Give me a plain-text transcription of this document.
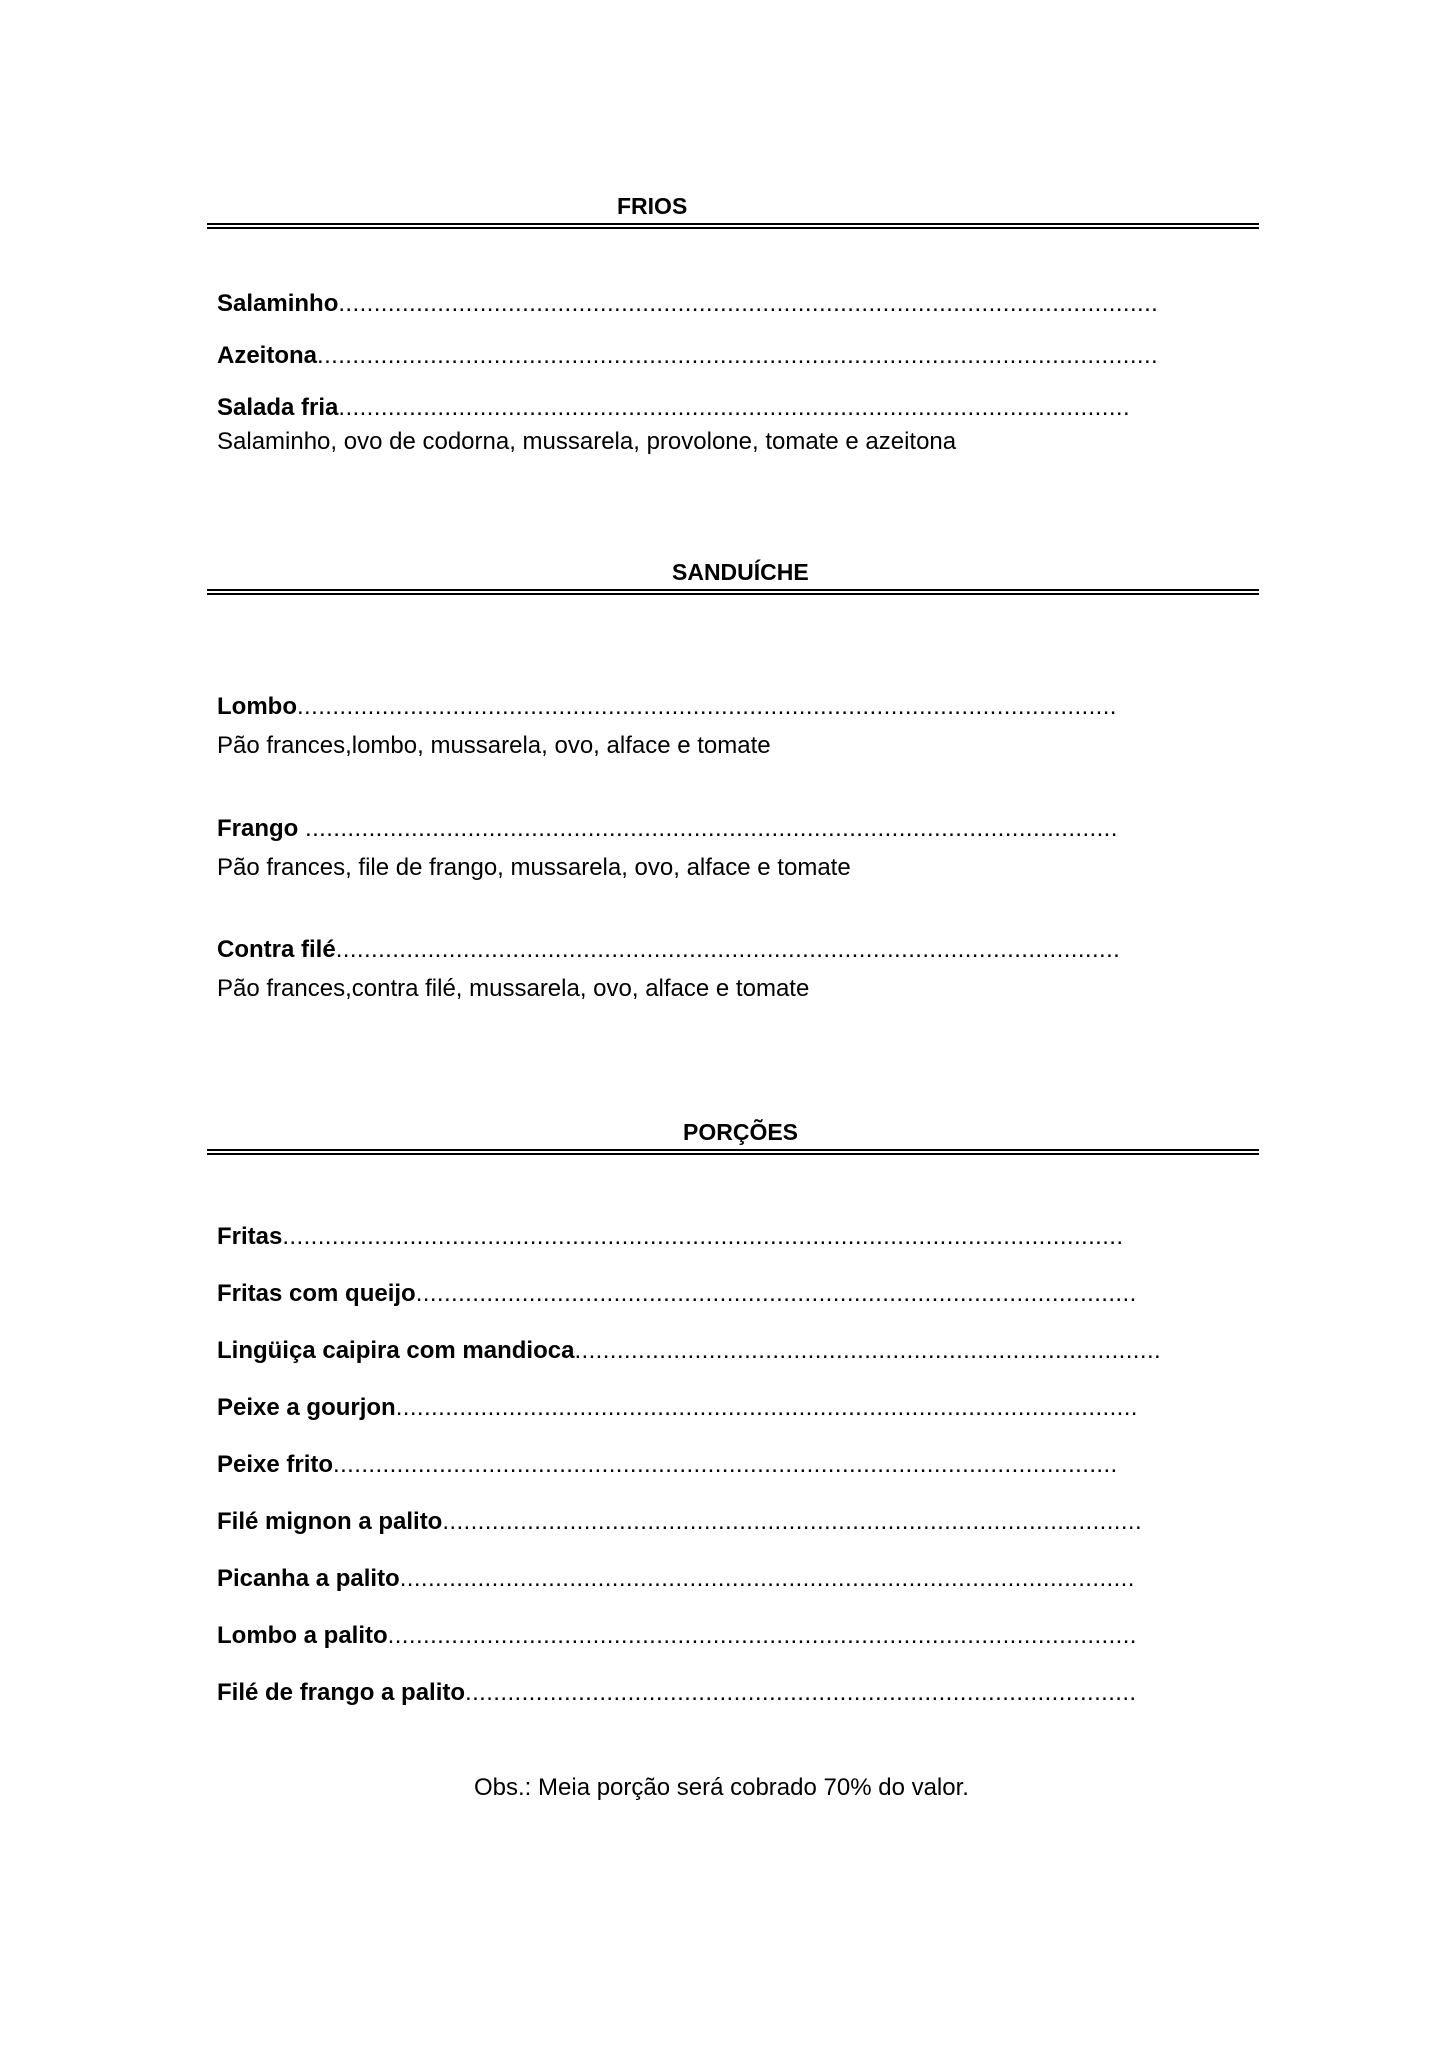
FRIOS
Salaminho....................................................................................................................
Azeitona.......................................................................................................................
Salada fria................................................................................................................
Salaminho, ovo de codorna, mussarela, provolone, tomate e azeitona
SANDUÍCHE
Lombo....................................................................................................................
Pão frances,lombo, mussarela, ovo, alface e tomate
Frango ...................................................................................................................
Pão frances, file de frango, mussarela, ovo, alface e tomate
Contra filé...............................................................................................................
Pão frances,contra filé, mussarela, ovo, alface e tomate
PORÇÕES
Fritas.......................................................................................................................
Fritas com queijo......................................................................................................
Lingüiça caipira com mandioca...................................................................................
Peixe a gourjon.........................................................................................................
Peixe frito...............................................................................................................
Filé mignon a palito...................................................................................................
Picanha a palito........................................................................................................
Lombo a palito..........................................................................................................
Filé de frango a palito...............................................................................................
Obs.: Meia porção será cobrado 70% do valor.
